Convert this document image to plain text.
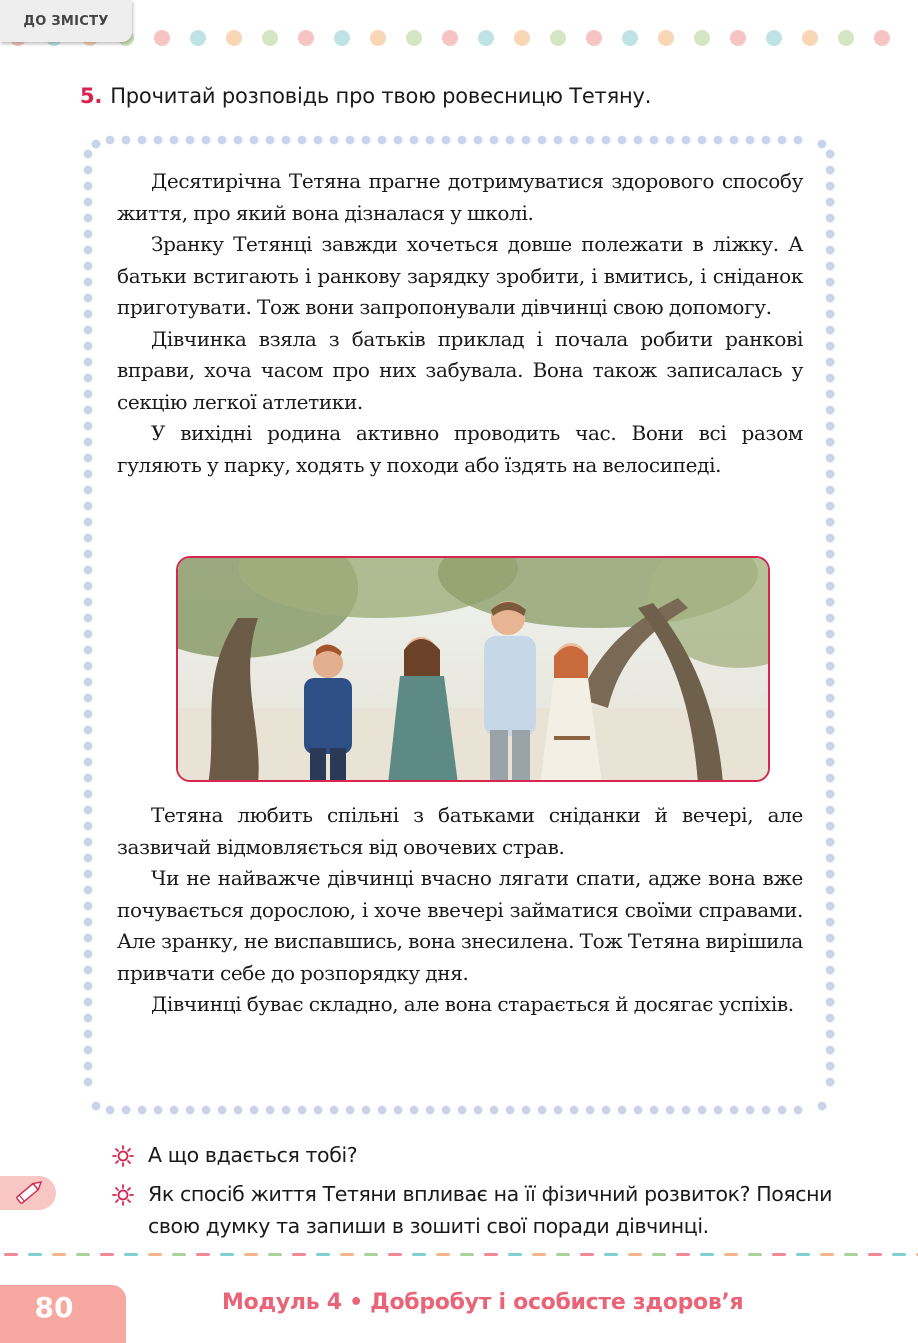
ДО ЗМІСТУ
5. Прочитай розповідь про твою ровесницю Тетяну.

Десятирічна Тетяна прагне дотримуватися здорового способу життя, про який вона дізналася у школі.

Зранку Тетянці завжди хочеться довше полежати в ліжку. А батьки встигають і ранкову зарядку зробити, і вмитись, і сніданок приготувати. Тож вони запропонували дівчинці свою допомогу.

Дівчинка взяла з батьків приклад і почала робити ранкові вправи, хоча часом про них забувала. Вона також записалась у секцію легкої атлетики.

У вихідні родина активно проводить час. Вони всі разом гуляють у парку, ходять у походи або їздять на велосипеді.

Тетяна любить спільні з батьками сніданки й вечері, але зазвичай відмовляється від овочевих страв.

Чи не найважче дівчинці вчасно лягати спати, адже вона вже почувається дорослою, і хоче ввечері займатися своїми справами. Але зранку, не виспавшись, вона знесилена. Тож Тетяна вирішила привчати себе до розпорядку дня.

Дівчинці буває складно, але вона старається й досягає успіхів.

А що вдається тобі?
Як спосіб життя Тетяни впливає на її фізичний розвиток? Поясни свою думку та запиши в зошиті свої поради дівчинці.
80	Модуль 4 • Добробут і особисте здоров’я
